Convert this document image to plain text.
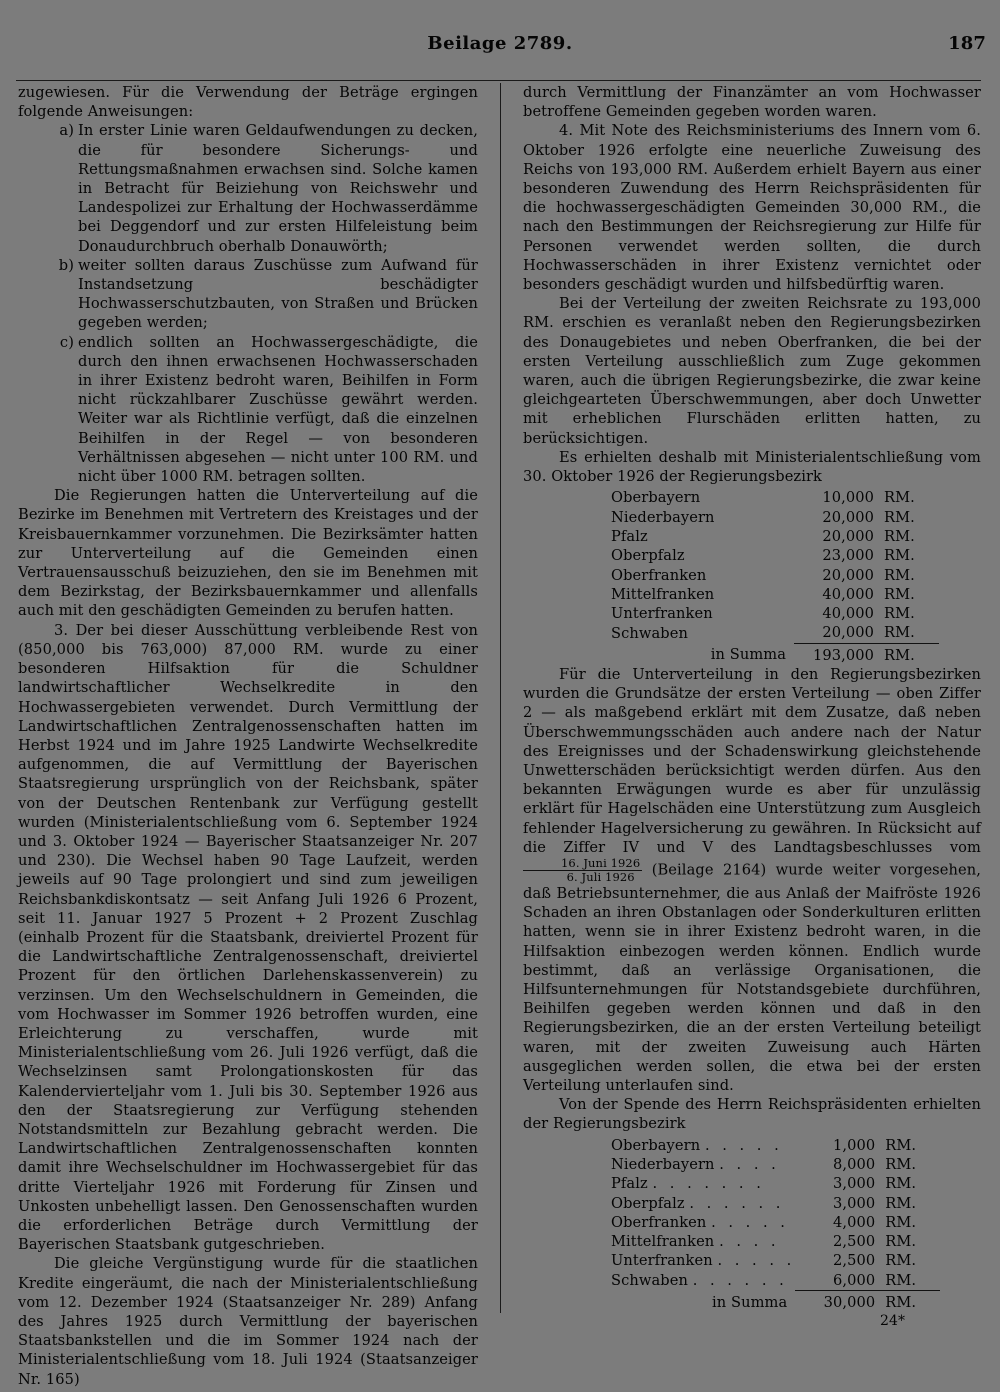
Beilage 2789.	187

zugewiesen. Für die Verwendung der Beträge ergingen folgende Anweisungen:

a) In erster Linie waren Geldaufwendungen zu decken, die für besondere Sicherungs- und Rettungsmaßnahmen erwachsen sind. Solche kamen in Betracht für Beiziehung von Reichswehr und Landespolizei zur Erhaltung der Hochwasserdämme bei Deggendorf und zur ersten Hilfeleistung beim Donaudurchbruch oberhalb Donauwörth;
b) weiter sollten daraus Zuschüsse zum Aufwand für Instandsetzung beschädigter Hochwasserschutzbauten, von Straßen und Brücken gegeben werden;
c) endlich sollten an Hochwassergeschädigte, die durch den ihnen erwachsenen Hochwasserschaden in ihrer Existenz bedroht waren, Beihilfen in Form nicht rückzahlbarer Zuschüsse gewährt werden. Weiter war als Richtlinie verfügt, daß die einzelnen Beihilfen in der Regel — von besonderen Verhältnissen abgesehen — nicht unter 100 RM. und nicht über 1000 RM. betragen sollten.

Die Regierungen hatten die Unterverteilung auf die Bezirke im Benehmen mit Vertretern des Kreistages und der Kreisbauernkammer vorzunehmen. Die Bezirksämter hatten zur Unterverteilung auf die Gemeinden einen Vertrauensausschuß beizuziehen, den sie im Benehmen mit dem Bezirkstag, der Bezirksbauernkammer und allenfalls auch mit den geschädigten Gemeinden zu berufen hatten.

3. Der bei dieser Ausschüttung verbleibende Rest von (850,000 bis 763,000) 87,000 RM. wurde zu einer besonderen Hilfsaktion für die Schuldner landwirtschaftlicher Wechselkredite in den Hochwassergebieten verwendet. Durch Vermittlung der Landwirtschaftlichen Zentralgenossenschaften hatten im Herbst 1924 und im Jahre 1925 Landwirte Wechselkredite aufgenommen, die auf Vermittlung der Bayerischen Staatsregierung ursprünglich von der Reichsbank, später von der Deutschen Rentenbank zur Verfügung gestellt wurden (Ministerialentschließung vom 6. September 1924 und 3. Oktober 1924 — Bayerischer Staatsanzeiger Nr. 207 und 230). Die Wechsel haben 90 Tage Laufzeit, werden jeweils auf 90 Tage prolongiert und sind zum jeweiligen Reichsbankdiskontsatz — seit Anfang Juli 1926 6 Prozent, seit 11. Januar 1927 5 Prozent + 2 Prozent Zuschlag (einhalb Prozent für die Staatsbank, dreiviertel Prozent für die Landwirtschaftliche Zentralgenossenschaft, dreiviertel Prozent für den örtlichen Darlehenskassenverein) zu verzinsen. Um den Wechselschuldnern in Gemeinden, die vom Hochwasser im Sommer 1926 betroffen wurden, eine Erleichterung zu verschaffen, wurde mit Ministerialentschließung vom 26. Juli 1926 verfügt, daß die Wechselzinsen samt Prolongationskosten für das Kalendervierteljahr vom 1. Juli bis 30. September 1926 aus den der Staatsregierung zur Verfügung stehenden Notstandsmitteln zur Bezahlung gebracht werden. Die Landwirtschaftlichen Zentralgenossenschaften konnten damit ihre Wechselschuldner im Hochwassergebiet für das dritte Vierteljahr 1926 mit Forderung für Zinsen und Unkosten unbehelligt lassen. Den Genossenschaften wurden die erforderlichen Beträge durch Vermittlung der Bayerischen Staatsbank gutgeschrieben.

Die gleiche Vergünstigung wurde für die staatlichen Kredite eingeräumt, die nach der Ministerialentschließung vom 12. Dezember 1924 (Staatsanzeiger Nr. 289) Anfang des Jahres 1925 durch Vermittlung der bayerischen Staatsbankstellen und die im Sommer 1924 nach der Ministerialentschließung vom 18. Juli 1924 (Staatsanzeiger Nr. 165)

durch Vermittlung der Finanzämter an vom Hochwasser betroffene Gemeinden gegeben worden waren.

4. Mit Note des Reichsministeriums des Innern vom 6. Oktober 1926 erfolgte eine neuerliche Zuweisung des Reichs von 193,000 RM. Außerdem erhielt Bayern aus einer besonderen Zuwendung des Herrn Reichspräsidenten für die hochwassergeschädigten Gemeinden 30,000 RM., die nach den Bestimmungen der Reichsregierung zur Hilfe für Personen verwendet werden sollten, die durch Hochwasserschäden in ihrer Existenz vernichtet oder besonders geschädigt wurden und hilfsbedürftig waren.

Bei der Verteilung der zweiten Reichsrate zu 193,000 RM. erschien es veranlaßt neben den Regierungsbezirken des Donaugebietes und neben Oberfranken, die bei der ersten Verteilung ausschließlich zum Zuge gekommen waren, auch die übrigen Regierungsbezirke, die zwar keine gleichgearteten Überschwemmungen, aber doch Unwetter mit erheblichen Flurschäden erlitten hatten, zu berücksichtigen.

Es erhielten deshalb mit Ministerialentschließung vom 30. Oktober 1926 der Regierungsbezirk

Oberbayern	10,000	RM.
Niederbayern	20,000	RM.
Pfalz	20,000	RM.
Oberpfalz	23,000	RM.
Oberfranken	20,000	RM.
Mittelfranken	40,000	RM.
Unterfranken	40,000	RM.
Schwaben	20,000	RM.
in Summa	193,000	RM.

Für die Unterverteilung in den Regierungsbezirken wurden die Grundsätze der ersten Verteilung — oben Ziffer 2 — als maßgebend erklärt mit dem Zusatze, daß neben Überschwemmungsschäden auch andere nach der Natur des Ereignisses und der Schadenswirkung gleichstehende Unwetterschäden berücksichtigt werden dürfen. Aus den bekannten Erwägungen wurde es aber für unzulässig erklärt für Hagelschäden eine Unterstützung zum Ausgleich fehlender Hagelversicherung zu gewähren. In Rücksicht auf die Ziffer IV und V des Landtagsbeschlusses vom
$\frac{\text{16. Juni 1926}}{\text{6. Juli 1926}}$ (Beilage 2164) wurde weiter vorgesehen, daß Betriebsunternehmer, die aus Anlaß der Maifröste 1926 Schaden an ihren Obstanlagen oder Sonderkulturen erlitten hatten, wenn sie in ihrer Existenz bedroht waren, in die Hilfsaktion einbezogen werden können. Endlich wurde bestimmt, daß an verlässige Organisationen, die Hilfsunternehmungen für Notstandsgebiete durchführen, Beihilfen gegeben werden können und daß in den Regierungsbezirken, die an der ersten Verteilung beteiligt waren, mit der zweiten Zuweisung auch Härten ausgeglichen werden sollen, die etwa bei der ersten Verteilung unterlaufen sind.

Von der Spende des Herrn Reichspräsidenten erhielten der Regierungsbezirk

Oberbayern . . . . .	1,000	RM.
Niederbayern . . . .	8,000	RM.
Pfalz . . . . . . .	3,000	RM.
Oberpfalz . . . . . .	3,000	RM.
Oberfranken . . . . .	4,000	RM.
Mittelfranken . . . .	2,500	RM.
Unterfranken . . . . .	2,500	RM.
Schwaben . . . . . .	6,000	RM.
in Summa	30,000	RM.
24*
